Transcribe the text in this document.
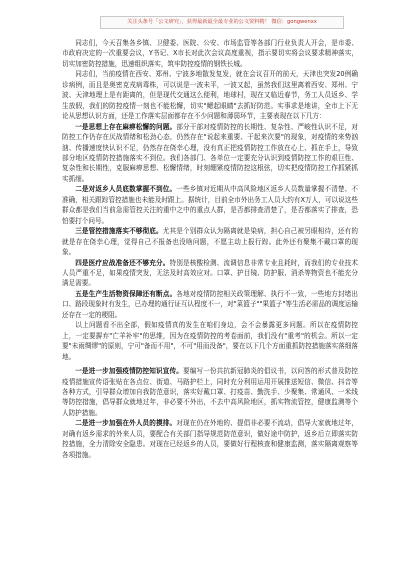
关注头条号「公文研究」，获得最新最全最专业的公文资料精！ 微信：gongwenxx

同志们，今天召集各乡镇、卫健委、医院、公安、市场监管等各部门行业负责人开会，是市委、市政府决定的一次重要会议，Y书记、X市长对此次会议高度重视，指示要切实将会议要求精神落实，切实加密防控措施，迅速组织落实，筑牢防控疫情的钢铁长城。

同志们，当前疫情在西安、郑州、宁波多地散发复发，就在会议召开的前天，天津也突发20例确诊病例，而且是奥密克戎病毒株，可以说是一波未平，一波又起，虽然我们这里离着西安、郑州、宁波、天津地理上是有距离的，但是现代交通这么便利，地球村，现在又临近春节，务工人员返乡、学生放假，我们的防控疫情一刻也不能松懈，切实"鳃起眼睛"去抓好防范。实事求是地讲，全市上下无论从思想认识方面，还是工作落实层面都存在不少问题和薄弱环节，主要表现在以下几方：

一是思想上存在麻痹松懈的问题。部分干部对疫情防控的长期性、复杂性、严峻性认识不足，对防控工作仍存在厌战情绪和松劲心态，仍然存在"说起来重要、干起来次要"的现象，对疫情的来势汹汹、传播速度快认识不足，仍然存在侥幸心理，没有真正把疫情防控工作放在心上、抓在手上，导致部分地区疫情防控措施落实不到位。我们各部门、各单位一定要充分认识到疫情防控工作的艰巨性、复杂性和长期性，克服麻痹思想、松懈情绪，时刻绷紧疫情防控这根弦，切实把疫情防控工作抓紧抓实抓细。

二是对返乡人员底数掌握不到位。一些乡镇对近期从中高风险地区返乡人员数量掌握不清楚、不准确，相关跟踪管控措施也未能及时跟上。据统计，目前全市外出务工人员大约有X万人，可以说这些群众都是我们当前急需管控关注的重中之中的重点人群，是否都排查清楚了，是否都落实了排查，恐怕要打个问号。

三是管控措施落实不够彻底。尤其是个别群众认为隔离就是染病，担心自己被另眼相待，还有的就是存在侥幸心理，觉得自己不报备也没啥问题，不愿主动上报行踪。此外还有聚集不戴口罩的现象。

四是医疗应战准备还不够充分。特别是核酸检测、流调信息非常专业且耗时，而我们的专业技术人员严重不足，如果疫情突发，无法及时高效应对。口罩、护目镜、防护服、消杀等物资也不能充分满足需要。

五是生产生活物资保障还有断点。各地对疫情防控相关政策理解、执行不一致，一些地方封堵出口、路段现象时有发生，已办理的通行证互认程度不一，对"菜篮子""果篮子"等生活必需品的调度运输还存在一定的梗阻。

以上问题看不出全部，假如疫情真的发生在咱们身边，会不会暴露更多问题。所以在疫情防控上，一定要摒弃"亡羊补牢"的思维，因为在疫情防控的考卷面前，我们没有"重考"的机会。所以一定要"未雨绸缪"的原则，宁可"备而不用"，不可"用而没备"，要在以下几个方面重抓防控措施落实落细落地。

一是进一步加强疫情防控知识宣传。要编写一份共抗新冠肺炎的倡议书，以问答的形式普及防控疫情措施宣传语张贴在各点位、街道、马路护栏上，同时充分利用运用开展推送短信、微信、抖音等各种方式，引导群众增加自我防范意识，落实好戴口罩、打疫苗、勤洗手、少聚集、常通风、一米线等防控措施，倡导群众就地过年，非必要不外出，不去中高风险地区，抓实物流管控，健康监测等个人防护措施。

二是进一步加强在外人员的摸排。对现在仍在外地的、提倡非必要不流动，倡导大家就地过年，对确有返乡需求的外来人员，要配合有关部门指导规范防范意识，做好途中防护，返乡后立即落实防控措施，全力清除安全隐患。对现在已经返乡的人员，要做好行程核查和健康监测，落实隔离观察等各项措施。
